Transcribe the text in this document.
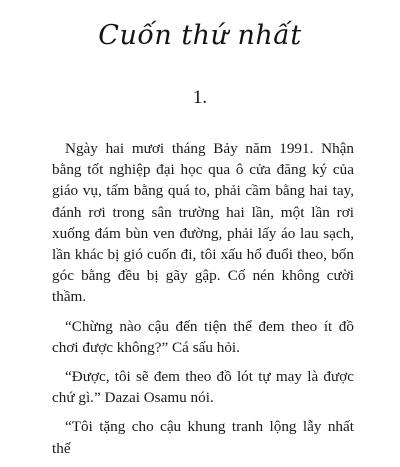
Cuốn thứ nhất
1.

Ngày hai mươi tháng Bảy năm 1991. Nhận bằng tốt nghiệp đại học qua ô cửa đăng ký của giáo vụ, tấm bằng quá to, phải cầm bằng hai tay, đánh rơi trong sân trường hai lần, một lần rơi xuống đám bùn ven đường, phải lấy áo lau sạch, lần khác bị gió cuốn đi, tôi xấu hổ đuổi theo, bốn góc bằng đều bị gãy gập. Cố nén không cười thầm.

“Chừng nào cậu đến tiện thể đem theo ít đồ chơi được không?” Cá sấu hỏi.

“Được, tôi sẽ đem theo đồ lót tự may là được chứ gì.” Dazai Osamu nói.

“Tôi tặng cho cậu khung tranh lộng lẫy nhất thế
